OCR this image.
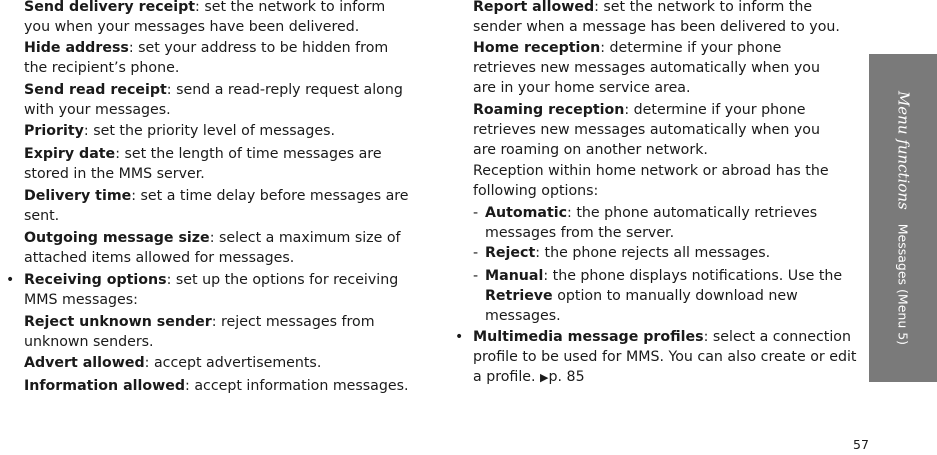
Send delivery receipt: set the network to inform you when your messages have been delivered.

Hide address: set your address to be hidden from the recipient’s phone.

Send read receipt: send a read-reply request along with your messages.

Priority: set the priority level of messages.

Expiry date: set the length of time messages are stored in the MMS server.

Delivery time: set a time delay before messages are sent.

Outgoing message size: select a maximum size of attached items allowed for messages.

• Receiving options: set up the options for receiving MMS messages:

Reject unknown sender: reject messages from unknown senders.

Advert allowed: accept advertisements.

Information allowed: accept information messages.

Report allowed: set the network to inform the sender when a message has been delivered to you.

Home reception: determine if your phone retrieves new messages automatically when you are in your home service area.

Roaming reception: determine if your phone retrieves new messages automatically when you are roaming on another network.

Reception within home network or abroad has the following options:

- Automatic: the phone automatically retrieves messages from the server.

- Reject: the phone rejects all messages.

- Manual: the phone displays notifications. Use the Retrieve option to manually download new messages.

• Multimedia message profiles: select a connection profile to be used for MMS. You can also create or edit a profile. ▶p. 85

Menu functionsMessages (Menu 5)
57
